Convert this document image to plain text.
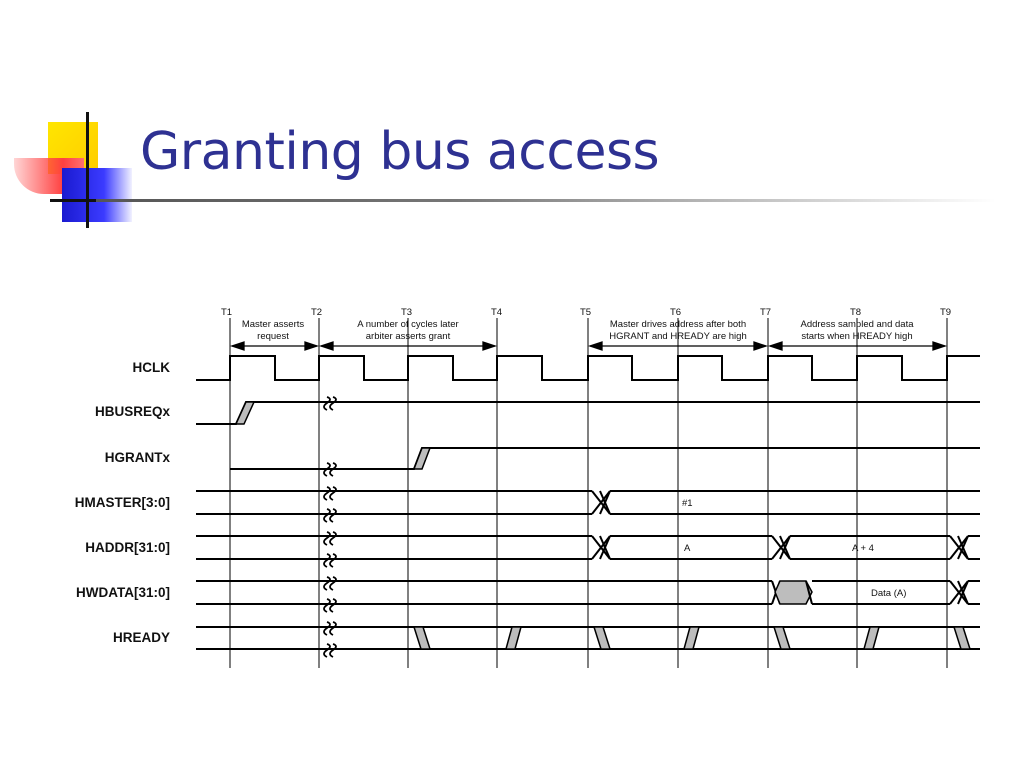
Granting bus access
T1	T2	T3	T4	T5	T6	T7	T8	T9
Master asserts
request
A number of cycles later
arbiter asserts grant
Master drives address after both
HGRANT and HREADY are high
Address sampled and data
starts when HREADY high
HCLK
HBUSREQx
HGRANTx
HMASTER[3:0]
HADDR[31:0]
HWDATA[31:0]
HREADY
#1
A	A + 4
Data (A)
